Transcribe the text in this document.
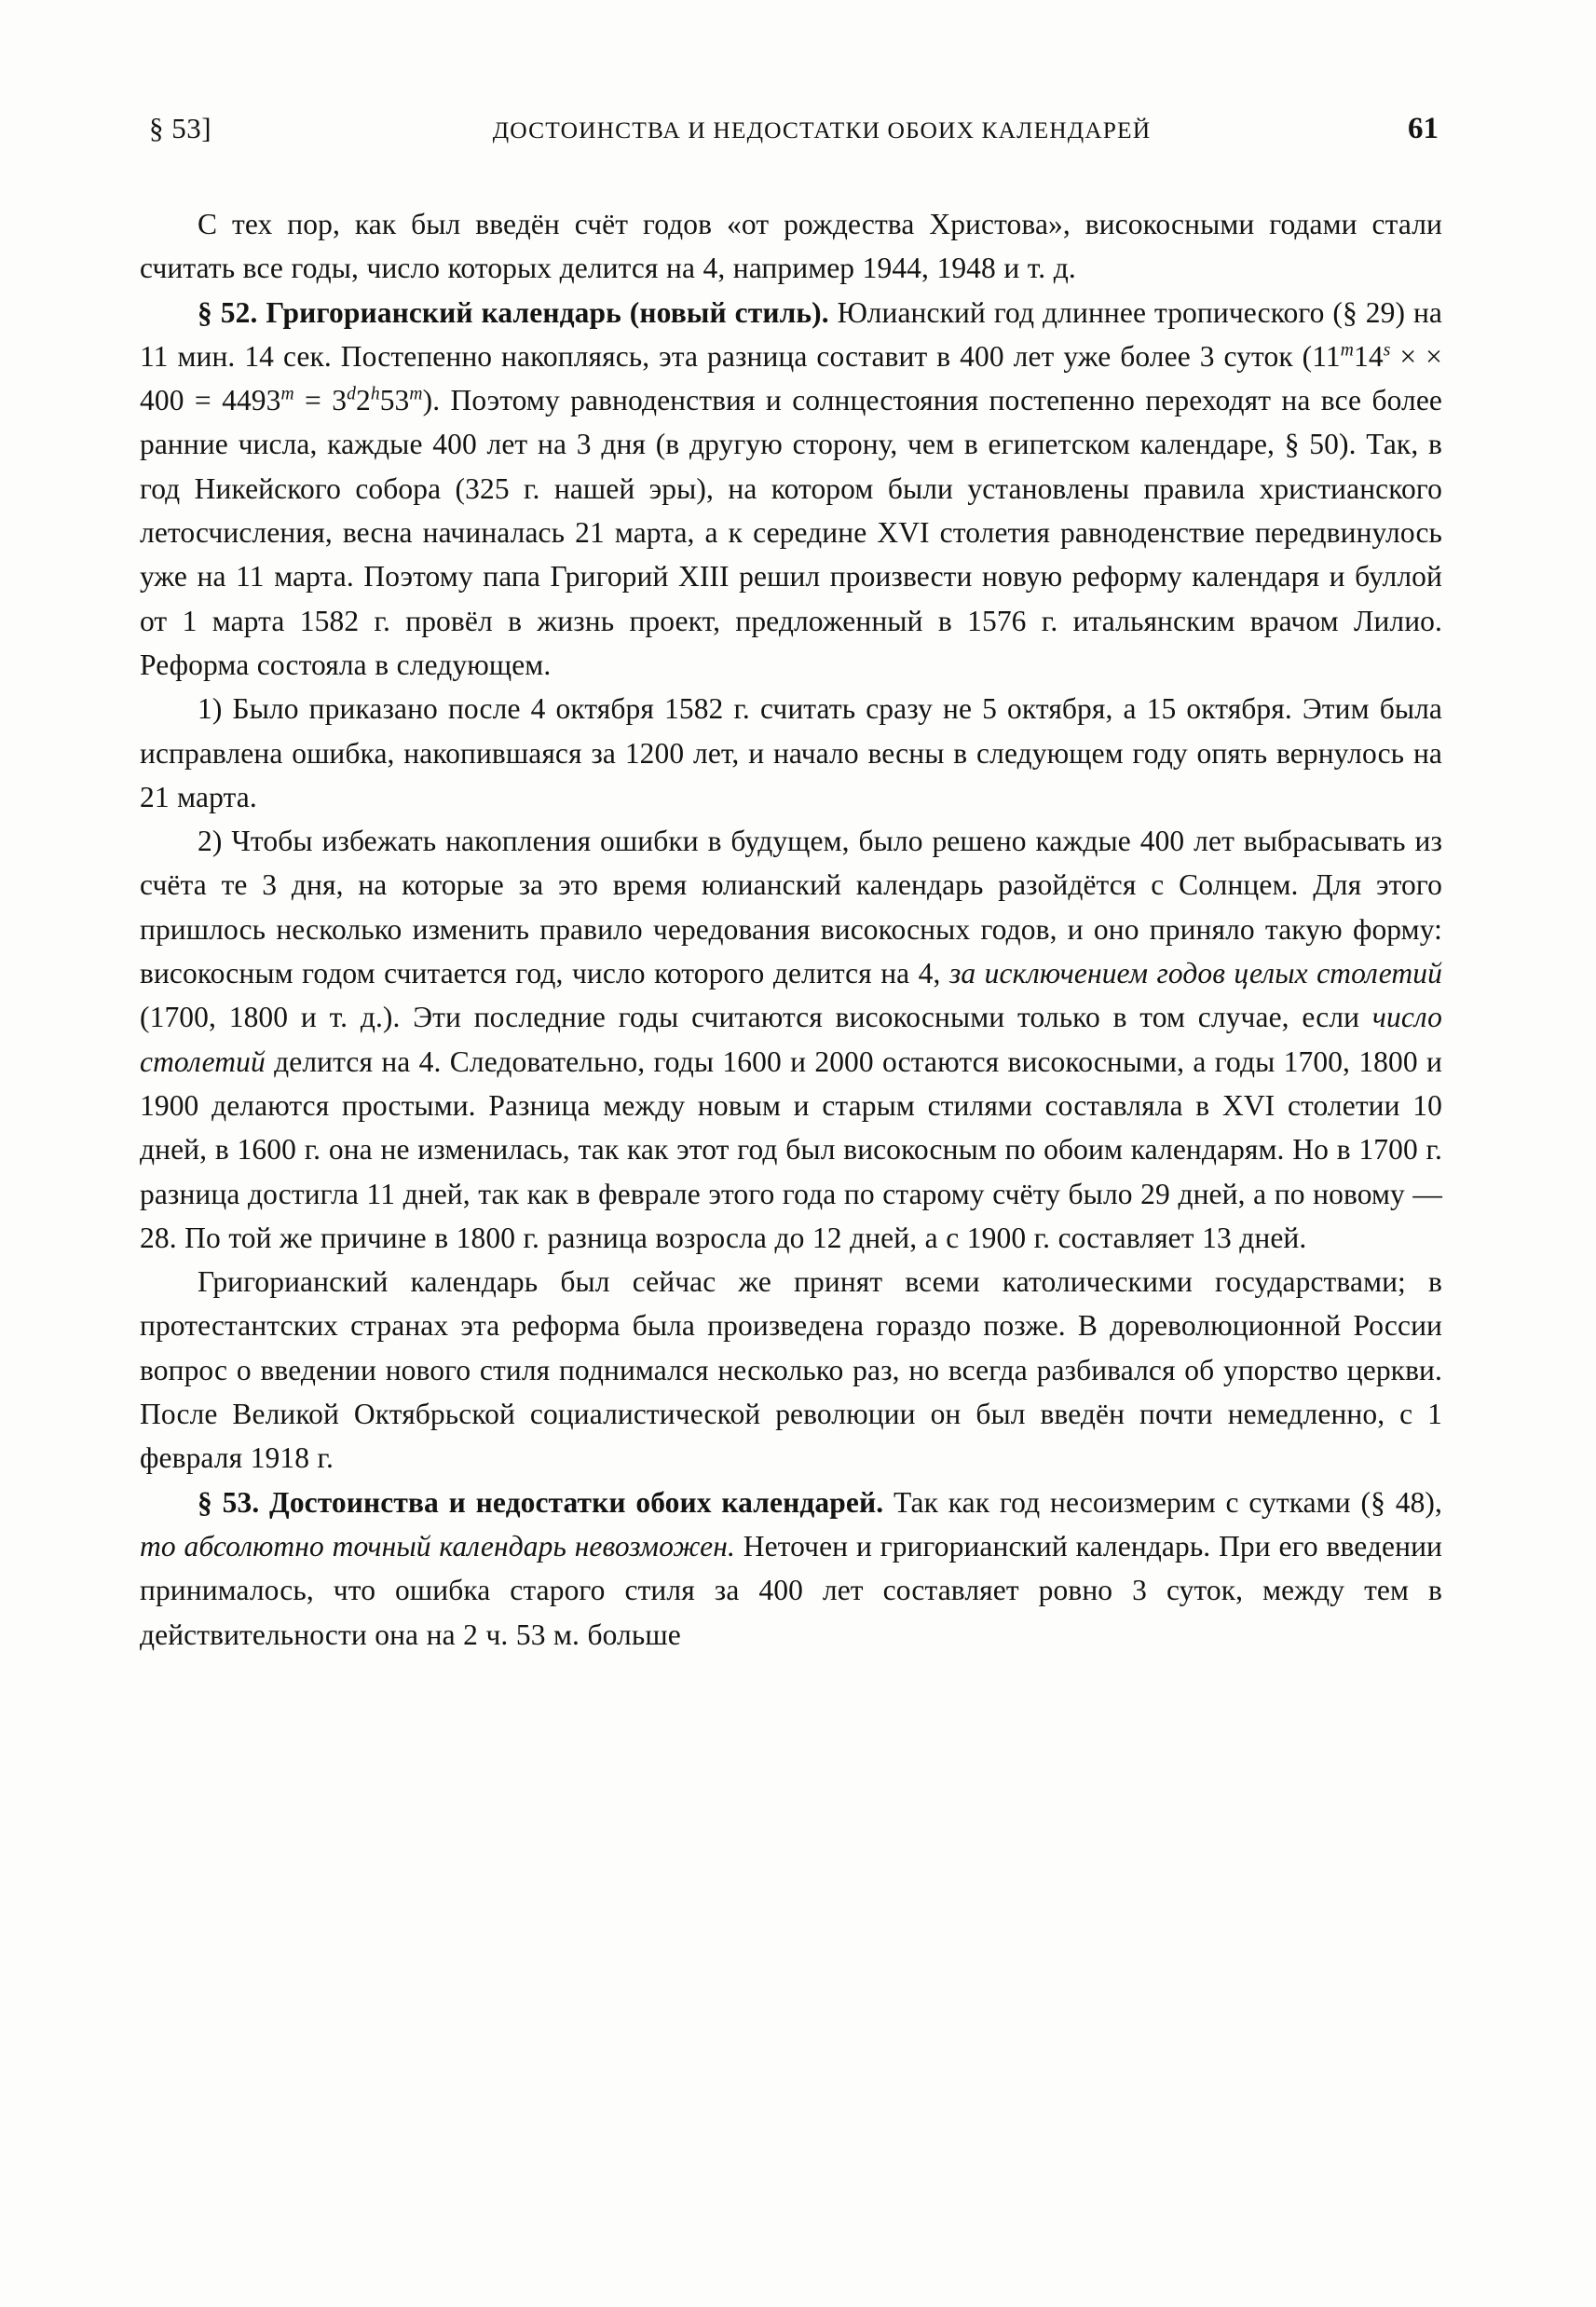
§ 53]	ДОСТОИНСТВА И НЕДОСТАТКИ ОБОИХ КАЛЕНДАРЕЙ	61

С тех пор, как был введён счёт годов «от рождества Христова», високосными годами стали считать все годы, число которых делится на 4, например 1944, 1948 и т. д.

§ 52. Григорианский календарь (новый стиль). Юлианский год длиннее тропического (§ 29) на 11 мин. 14 сек. Постепенно накопляясь, эта разница составит в 400 лет уже более 3 суток ($11^m14^s$ × × $400 = 4493^m = 3^d2^h53^m$). Поэтому равноденствия и солнцестояния постепенно переходят на все более ранние числа, каждые 400 лет на 3 дня (в другую сторону, чем в египетском календаре, § 50). Так, в год Никейского собора (325 г. нашей эры), на котором были установлены правила христианского летосчисления, весна начиналась 21 марта, а к середине XVI столетия равноденствие передвинулось уже на 11 марта. Поэтому папа Григорий XIII решил произвести новую реформу календаря и буллой от 1 марта 1582 г. провёл в жизнь проект, предложенный в 1576 г. итальянским врачом Лилио. Реформа состояла в следующем.

1) Было приказано после 4 октября 1582 г. считать сразу не 5 октября, а 15 октября. Этим была исправлена ошибка, накопившаяся за 1200 лет, и начало весны в следующем году опять вернулось на 21 марта.

2) Чтобы избежать накопления ошибки в будущем, было решено каждые 400 лет выбрасывать из счёта те 3 дня, на которые за это время юлианский календарь разойдётся с Солнцем. Для этого пришлось несколько изменить правило чередования високосных годов, и оно приняло такую форму: високосным годом считается год, число которого делится на 4, за исключением годов целых столетий (1700, 1800 и т. д.). Эти последние годы считаются високосными только в том случае, если число столетий делится на 4. Следовательно, годы 1600 и 2000 остаются високосными, а годы 1700, 1800 и 1900 делаются простыми. Разница между новым и старым стилями составляла в XVI столетии 10 дней, в 1600 г. она не изменилась, так как этот год был високосным по обоим календарям. Но в 1700 г. разница достигла 11 дней, так как в феврале этого года по старому счёту было 29 дней, а по новому — 28. По той же причине в 1800 г. разница возросла до 12 дней, а с 1900 г. составляет 13 дней.

Григорианский календарь был сейчас же принят всеми католическими государствами; в протестантских странах эта реформа была произведена гораздо позже. В дореволюционной России вопрос о введении нового стиля поднимался несколько раз, но всегда разбивался об упорство церкви. После Великой Октябрьской социалистической революции он был введён почти немедленно, с 1 февраля 1918 г.

§ 53. Достоинства и недостатки обоих календарей. Так как год несоизмерим с сутками (§ 48), то абсолютно точный календарь невозможен. Неточен и григорианский календарь. При его введении принималось, что ошибка старого стиля за 400 лет составляет ровно 3 суток, между тем в действительности она на 2 ч. 53 м. больше
